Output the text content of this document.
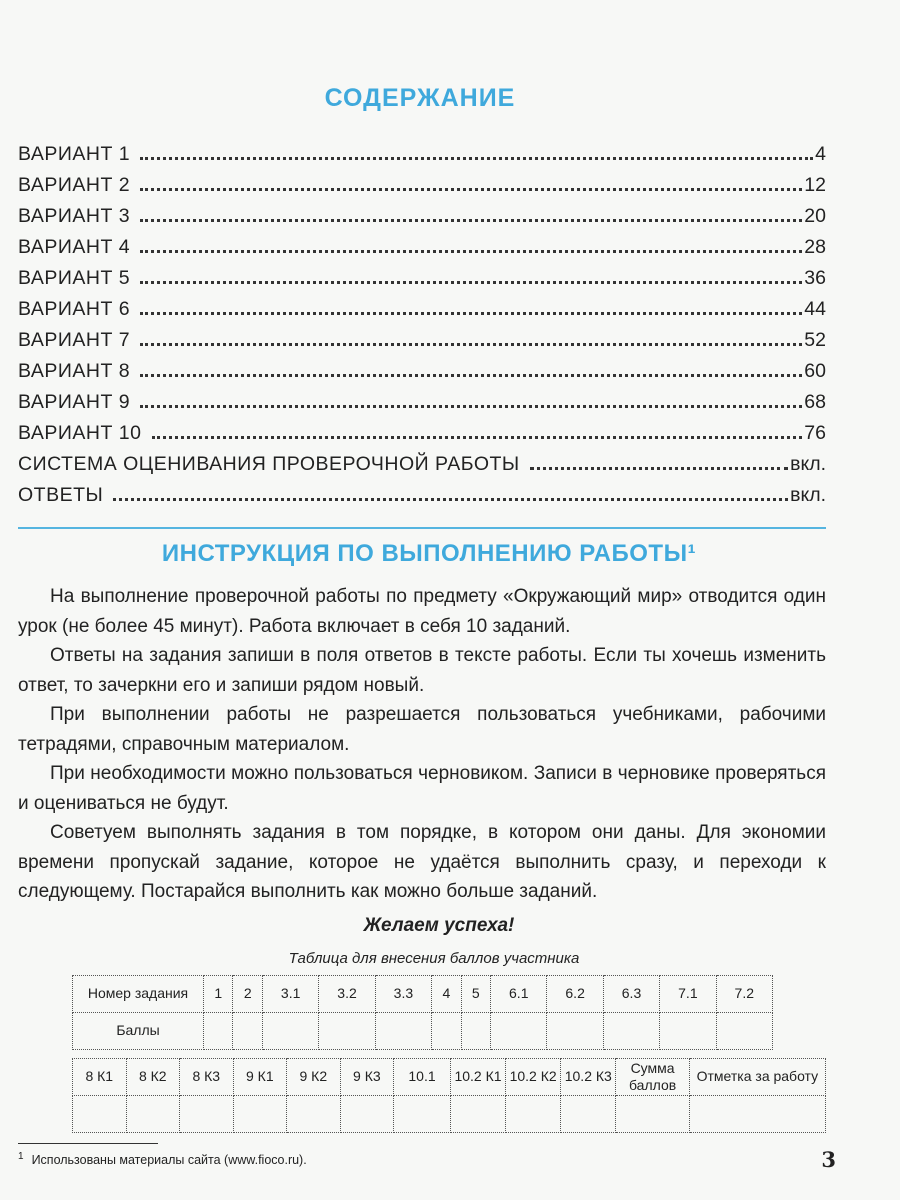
СОДЕРЖАНИЕ
ВАРИАНТ 1	4
ВАРИАНТ 2	12
ВАРИАНТ 3	20
ВАРИАНТ 4	28
ВАРИАНТ 5	36
ВАРИАНТ 6	44
ВАРИАНТ 7	52
ВАРИАНТ 8	60
ВАРИАНТ 9	68
ВАРИАНТ 10	76
СИСТЕМА ОЦЕНИВАНИЯ ПРОВЕРОЧНОЙ РАБОТЫ	вкл.
ОТВЕТЫ	вкл.
ИНСТРУКЦИЯ ПО ВЫПОЛНЕНИЮ РАБОТЫ¹

На выполнение проверочной работы по предмету «Окружающий мир» отводится один урок (не более 45 минут). Работа включает в себя 10 заданий.

Ответы на задания запиши в поля ответов в тексте работы. Если ты хочешь изменить ответ, то зачеркни его и запиши рядом новый.

При выполнении работы не разрешается пользоваться учебниками, рабочими тетрадями, справочным материалом.

При необходимости можно пользоваться черновиком. Записи в черновике проверяться и оцениваться не будут.

Советуем выполнять задания в том порядке, в котором они даны. Для экономии времени пропускай задание, которое не удаётся выполнить сразу, и переходи к следующему. Постарайся выполнить как можно больше заданий.

Желаем успеха!
Таблица для внесения баллов участника
Номер задания	1	2	3.1	3.2	3.3	4	5	6.1	6.2	6.3	7.1	7.2
Баллы												
8 К1	8 К2	8 К3	9 К1	9 К2	9 К3	10.1	10.2 К1	10.2 К2	10.2 К3	Сумма баллов	Отметка за работу

$^1$ Использованы материалы сайта (www.fioco.ru).	3
